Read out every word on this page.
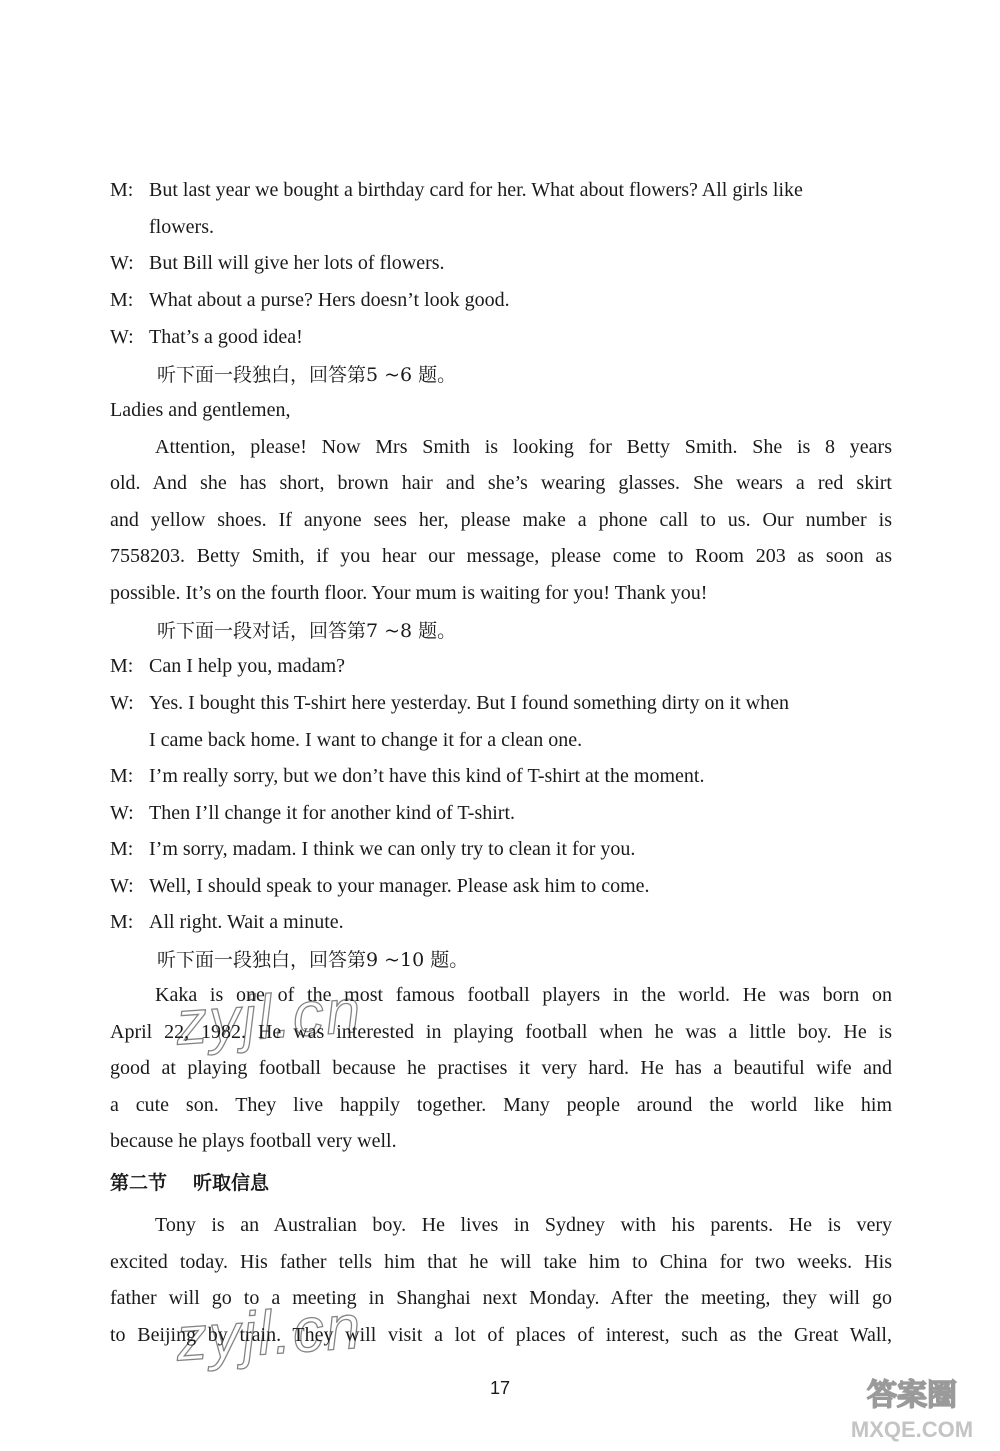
M: But last year we bought a birthday card for her. What about flowers? All girls like
flowers.
W: But Bill will give her lots of flowers.
M: What about a purse? Hers doesn’t look good.
W: That’s a good idea!
听下面一段独白，回答第5 ~6 题。
Ladies and gentlemen,
Attention, please! Now Mrs Smith is looking for Betty Smith. She is 8 years
old. And she has short, brown hair and she’s wearing glasses. She wears a red skirt
and yellow shoes. If anyone sees her, please make a phone call to us. Our number is
7558203. Betty Smith, if you hear our message, please come to Room 203 as soon as
possible. It’s on the fourth floor. Your mum is waiting for you! Thank you!
听下面一段对话，回答第7 ~8 题。
M: Can I help you, madam?
W: Yes. I bought this T-shirt here yesterday. But I found something dirty on it when
I came back home. I want to change it for a clean one.
M: I’m really sorry, but we don’t have this kind of T-shirt at the moment.
W: Then I’ll change it for another kind of T-shirt.
M: I’m sorry, madam. I think we can only try to clean it for you.
W: Well, I should speak to your manager. Please ask him to come.
M: All right. Wait a minute.
听下面一段独白，回答第9 ~10 题。
Kaka is one of the most famous football players in the world. He was born on
April 22, 1982. He was interested in playing football when he was a little boy. He is
good at playing football because he practises it very hard. He has a beautiful wife and
a cute son. They live happily together. Many people around the world like him
because he plays football very well.
第二节 听取信息
Tony is an Australian boy. He lives in Sydney with his parents. He is very
excited today. His father tells him that he will take him to China for two weeks. His
father will go to a meeting in Shanghai next Monday. After the meeting, they will go
to Beijing by train. They will visit a lot of places of interest, such as the Great Wall,
17
zyjl.cn
zyjl.cn
答案圈
MXQE.COM
